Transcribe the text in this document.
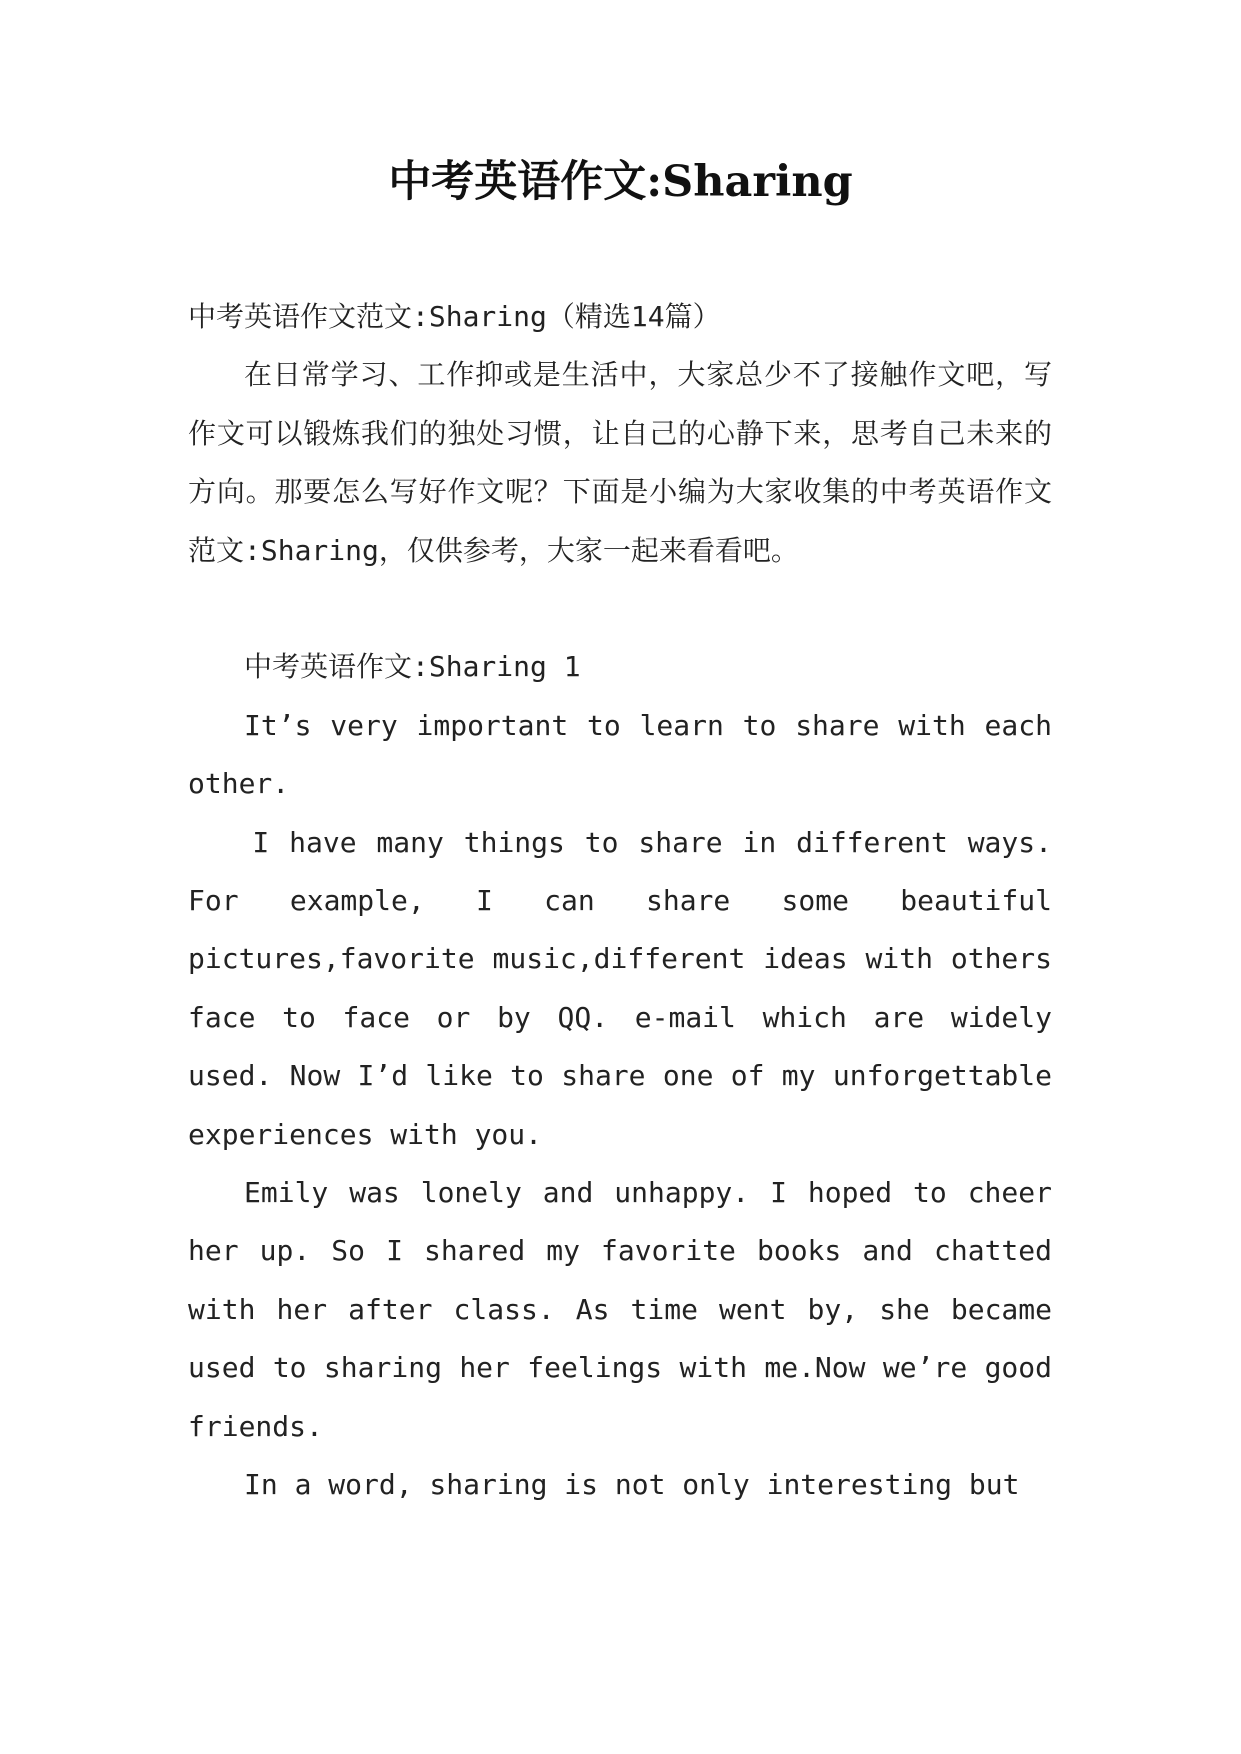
中考英语作文:Sharing

中考英语作文范文:Sharing（精选14篇）

在日常学习、工作抑或是生活中，大家总少不了接触作文吧，写作文可以锻炼我们的独处习惯，让自己的心静下来，思考自己未来的方向。那要怎么写好作文呢？下面是小编为大家收集的中考英语作文范文:Sharing，仅供参考，大家一起来看看吧。

中考英语作文:Sharing 1

It’s very important to learn to share with each other.

I have many things to share in different ways. For example, I can share some beautiful pictures,favorite music,different ideas with others face to face or by QQ. e-mail which are widely used. Now I’d like to share one of my unforgettable experiences with you.

Emily was lonely and unhappy. I hoped to cheer her up. So I shared my favorite books and chatted with her after class. As time went by, she became used to sharing her feelings with me.Now we’re good friends.

In a word, sharing is not only interesting but
